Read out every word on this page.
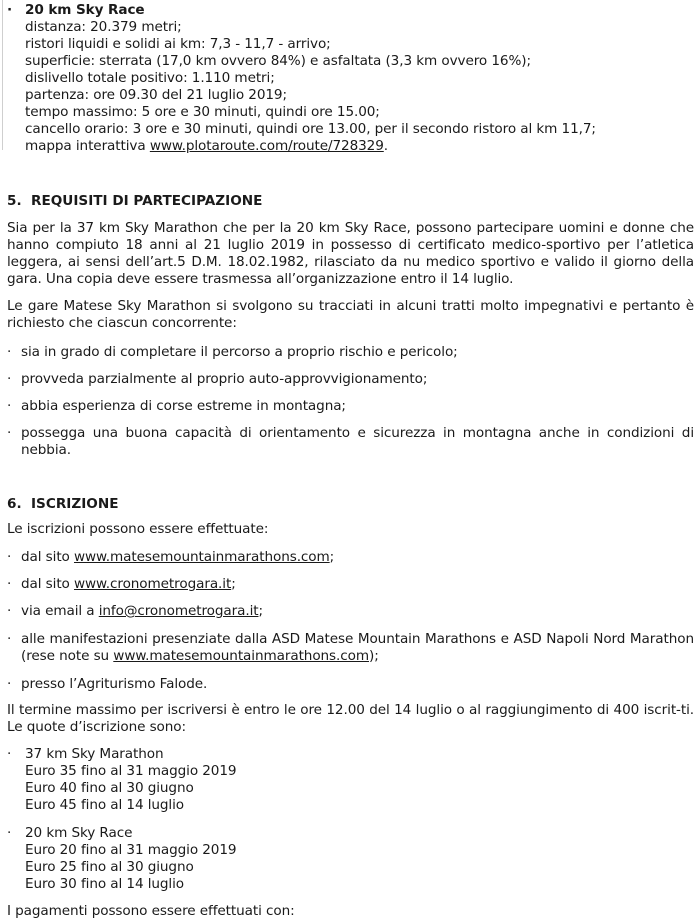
· 20 km Sky Race
distanza: 20.379 metri;
ristori liquidi e solidi ai km: 7,3 - 11,7 - arrivo;
superficie: sterrata (17,0 km ovvero 84%) e asfaltata (3,3 km ovvero 16%);
dislivello totale positivo: 1.110 metri;
partenza: ore 09.30 del 21 luglio 2019;
tempo massimo: 5 ore e 30 minuti, quindi ore 15.00;
cancello orario: 3 ore e 30 minuti, quindi ore 13.00, per il secondo ristoro al km 11,7;
mappa interattiva www.plotaroute.com/route/728329.
5. REQUISITI DI PARTECIPAZIONE
Sia per la 37 km Sky Marathon che per la 20 km Sky Race, possono partecipare uomini e donne che hanno compiuto 18 anni al 21 luglio 2019 in possesso di certificato medico-sportivo per l’atletica leggera, ai sensi dell’art.5 D.M. 18.02.1982, rilasciato da nu medico sportivo e valido il giorno della gara. Una copia deve essere trasmessa all’organizzazione entro il 14 luglio.
Le gare Matese Sky Marathon si svolgono su tracciati in alcuni tratti molto impegnativi e pertanto è richiesto che ciascun concorrente:
· sia in grado di completare il percorso a proprio rischio e pericolo;
· provveda parzialmente al proprio auto-approvvigionamento;
· abbia esperienza di corse estreme in montagna;
· possegga una buona capacità di orientamento e sicurezza in montagna anche in condizioni di nebbia.
6. ISCRIZIONE
Le iscrizioni possono essere effettuate:
· dal sito www.matesemountainmarathons.com;
· dal sito www.cronometrogara.it;
· via email a info@cronometrogara.it;
· alle manifestazioni presenziate dalla ASD Matese Mountain Marathons e ASD Napoli Nord Marathon (rese note su www.matesemountainmarathons.com);
· presso l’Agriturismo Falode.
Il termine massimo per iscriversi è entro le ore 12.00 del 14 luglio o al raggiungimento di 400 iscrit-ti. Le quote d’iscrizione sono:
· 37 km Sky Marathon
Euro 35 fino al 31 maggio 2019
Euro 40 fino al 30 giugno
Euro 45 fino al 14 luglio
· 20 km Sky Race
Euro 20 fino al 31 maggio 2019
Euro 25 fino al 30 giugno
Euro 30 fino al 14 luglio
I pagamenti possono essere effettuati con:
